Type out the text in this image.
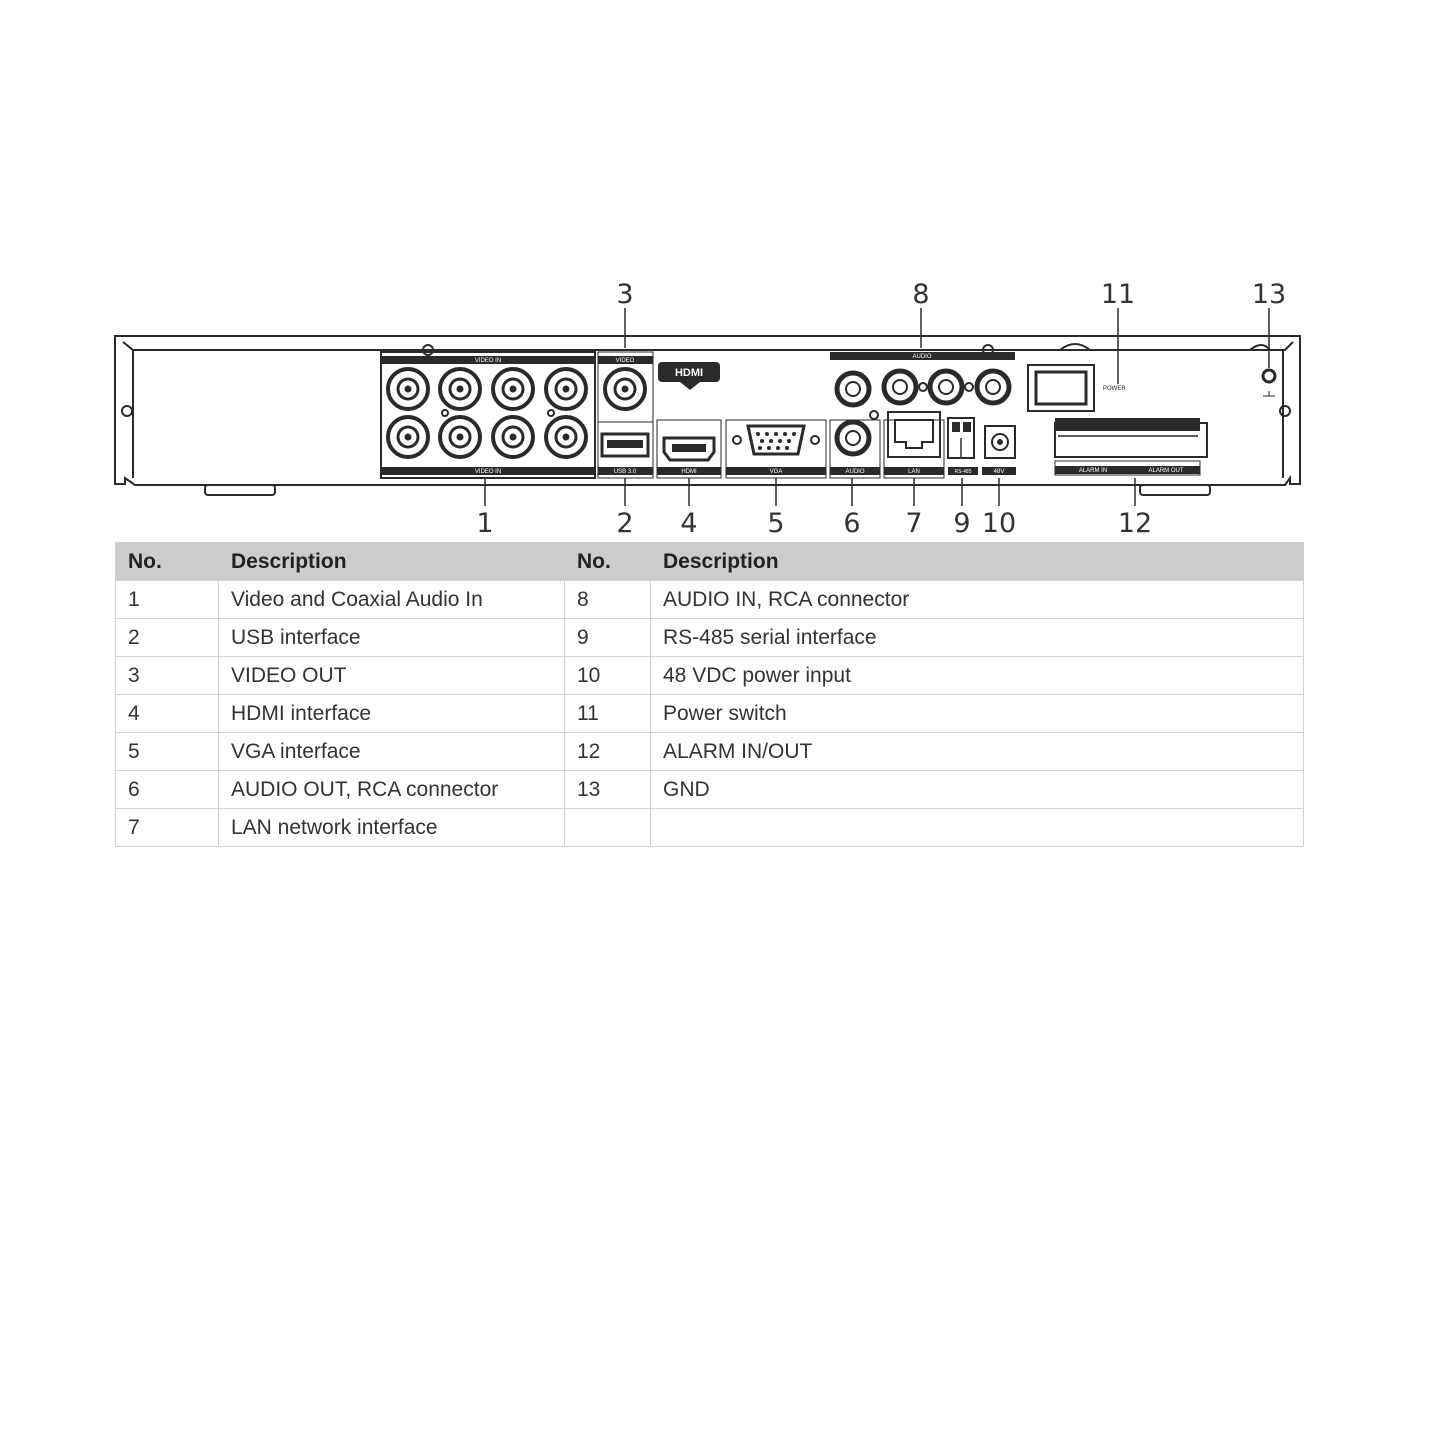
VIDEO IN
VIDEO IN
VIDEO
HDMI
USB 3.0	HDMI	VGA	AUDIO
AUDIO
LAN	RS-485	48V
POWER
ALARM IN	ALARM OUT
3	8	11	13
1	2 4	5 6 7 9 10	12
No.	Description	No.	Description
1	Video and Coaxial Audio In	8	AUDIO IN, RCA connector
2	USB interface	9	RS-485 serial interface
3	VIDEO OUT	10	48 VDC power input
4	HDMI interface	11	Power switch
5	VGA interface	12	ALARM IN/OUT
6	AUDIO OUT, RCA connector	13	GND
7	LAN network interface		
